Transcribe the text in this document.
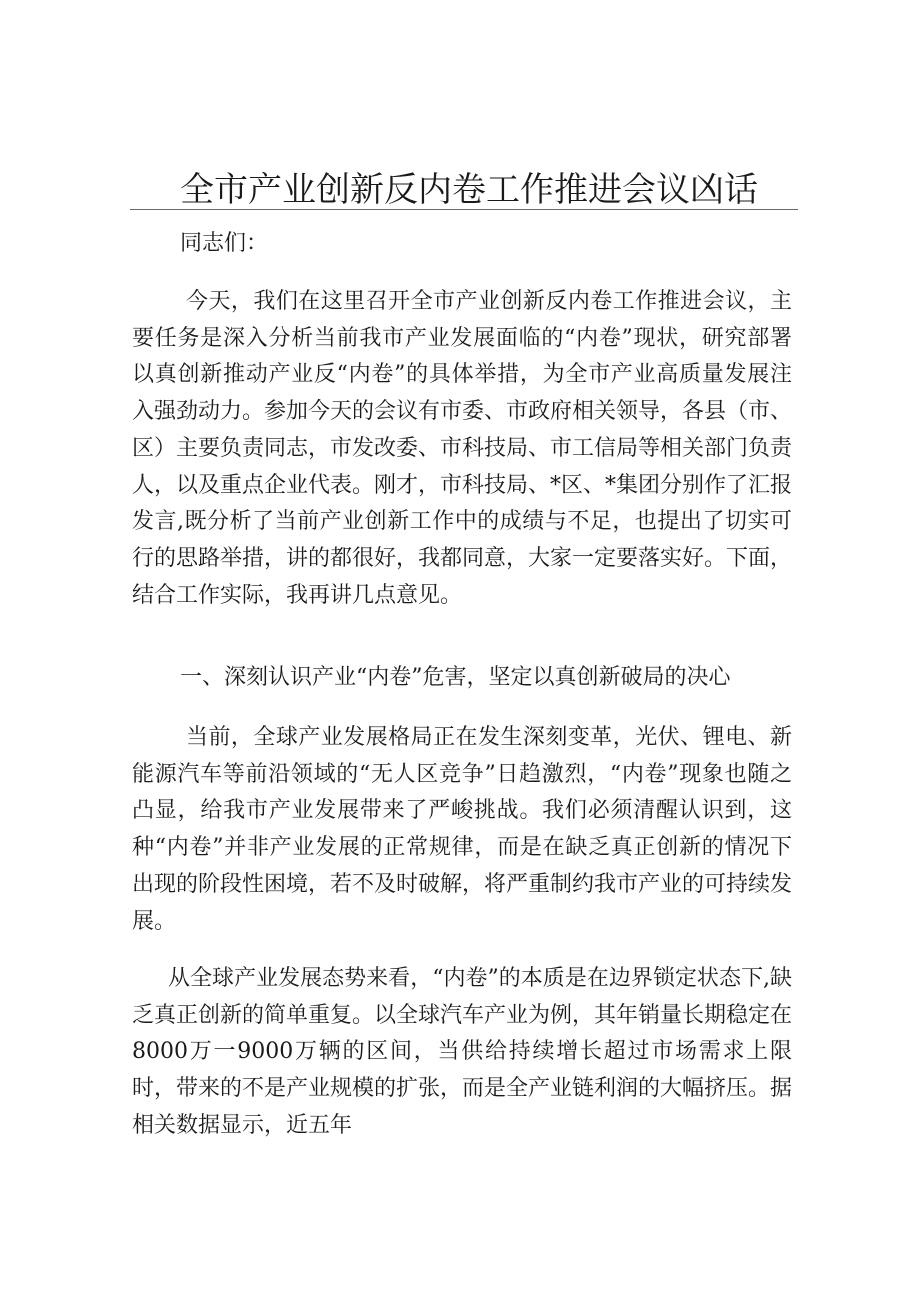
全市产业创新反内卷工作推进会议凶话

同志们：

今天，我们在这里召开全市产业创新反内卷工作推进会议，主要任务是深入分析当前我市产业发展面临的“内卷”现状，研究部署以真创新推动产业反“内卷”的具体举措，为全市产业高质量发展注入强劲动力。参加今天的会议有市委、市政府相关领导，各县（市、区）主要负责同志，市发改委、市科技局、市工信局等相关部门负责人，以及重点企业代表。刚才，市科技局、*区、*集团分别作了汇报发言,既分析了当前产业创新工作中的成绩与不足，也提出了切实可行的思路举措，讲的都很好，我都同意，大家一定要落实好。下面，结合工作实际，我再讲几点意见。

一、深刻认识产业“内卷”危害，坚定以真创新破局的决心

当前，全球产业发展格局正在发生深刻变革，光伏、锂电、新能源汽车等前沿领域的“无人区竞争”日趋激烈，“内卷”现象也随之凸显，给我市产业发展带来了严峻挑战。我们必须清醒认识到，这种“内卷”并非产业发展的正常规律，而是在缺乏真正创新的情况下出现的阶段性困境，若不及时破解，将严重制约我市产业的可持续发展。

从全球产业发展态势来看，“内卷”的本质是在边界锁定状态下,缺乏真正创新的简单重复。以全球汽车产业为例，其年销量长期稳定在8000万一9000万辆的区间，当供给持续增长超过市场需求上限时，带来的不是产业规模的扩张，而是全产业链利润的大幅挤压。据相关数据显示，近五年
